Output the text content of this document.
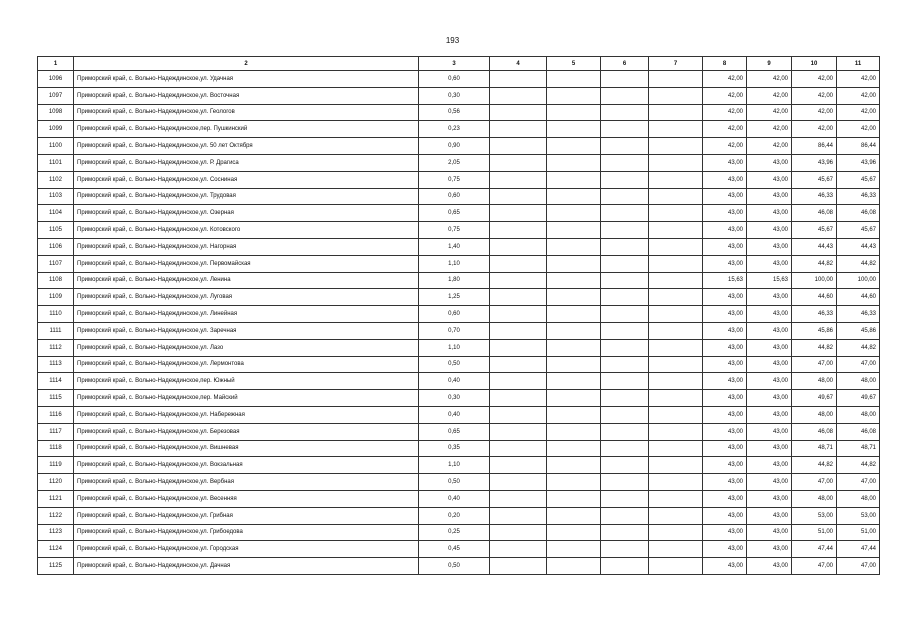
193
1	2	3	4	5	6	7	8	9	10	11
1096	Приморский край, с. Вольно-Надеждинское,ул. Удачная	0,60					42,00	42,00	42,00	42,00
1097	Приморский край, с. Вольно-Надеждинское,ул. Восточная	0,30					42,00	42,00	42,00	42,00
1098	Приморский край, с. Вольно-Надеждинское,ул. Геологов	0,56					42,00	42,00	42,00	42,00
1099	Приморский край, с. Вольно-Надеждинское,пер. Пушкинский	0,23					42,00	42,00	42,00	42,00
1100	Приморский край, с. Вольно-Надеждинское,ул. 50 лет Октября	0,90					42,00	42,00	86,44	86,44
1101	Приморский край, с. Вольно-Надеждинское,ул. Р. Драгиса	2,05					43,00	43,00	43,96	43,96
1102	Приморский край, с. Вольно-Надеждинское,ул. Сосниная	0,75					43,00	43,00	45,67	45,67
1103	Приморский край, с. Вольно-Надеждинское,ул. Трудовая	0,60					43,00	43,00	46,33	46,33
1104	Приморский край, с. Вольно-Надеждинское,ул. Озерная	0,65					43,00	43,00	46,08	46,08
1105	Приморский край, с. Вольно-Надеждинское,ул. Котовского	0,75					43,00	43,00	45,67	45,67
1106	Приморский край, с. Вольно-Надеждинское,ул. Нагорная	1,40					43,00	43,00	44,43	44,43
1107	Приморский край, с. Вольно-Надеждинское,ул. Первомайская	1,10					43,00	43,00	44,82	44,82
1108	Приморский край, с. Вольно-Надеждинское,ул. Ленина	1,80					15,63	15,63	100,00	100,00
1109	Приморский край, с. Вольно-Надеждинское,ул. Луговая	1,25					43,00	43,00	44,60	44,60
1110	Приморский край, с. Вольно-Надеждинское,ул. Линейная	0,60					43,00	43,00	46,33	46,33
1111	Приморский край, с. Вольно-Надеждинское,ул. Заречная	0,70					43,00	43,00	45,86	45,86
1112	Приморский край, с. Вольно-Надеждинское,ул. Лазо	1,10					43,00	43,00	44,82	44,82
1113	Приморский край, с. Вольно-Надеждинское,ул. Лермонтова	0,50					43,00	43,00	47,00	47,00
1114	Приморский край, с. Вольно-Надеждинское,пер. Южный	0,40					43,00	43,00	48,00	48,00
1115	Приморский край, с. Вольно-Надеждинское,пер. Майский	0,30					43,00	43,00	49,67	49,67
1116	Приморский край, с. Вольно-Надеждинское,ул. Набережная	0,40					43,00	43,00	48,00	48,00
1117	Приморский край, с. Вольно-Надеждинское,ул. Березовая	0,65					43,00	43,00	46,08	46,08
1118	Приморский край, с. Вольно-Надеждинское,ул. Вишневая	0,35					43,00	43,00	48,71	48,71
1119	Приморский край, с. Вольно-Надеждинское,ул. Вокзальная	1,10					43,00	43,00	44,82	44,82
1120	Приморский край, с. Вольно-Надеждинское,ул. Вербная	0,50					43,00	43,00	47,00	47,00
1121	Приморский край, с. Вольно-Надеждинское,ул. Весенняя	0,40					43,00	43,00	48,00	48,00
1122	Приморский край, с. Вольно-Надеждинское,ул. Грибная	0,20					43,00	43,00	53,00	53,00
1123	Приморский край, с. Вольно-Надеждинское,ул. Грибоедова	0,25					43,00	43,00	51,00	51,00
1124	Приморский край, с. Вольно-Надеждинское,ул. Городская	0,45					43,00	43,00	47,44	47,44
1125	Приморский край, с. Вольно-Надеждинское,ул. Дачная	0,50					43,00	43,00	47,00	47,00
